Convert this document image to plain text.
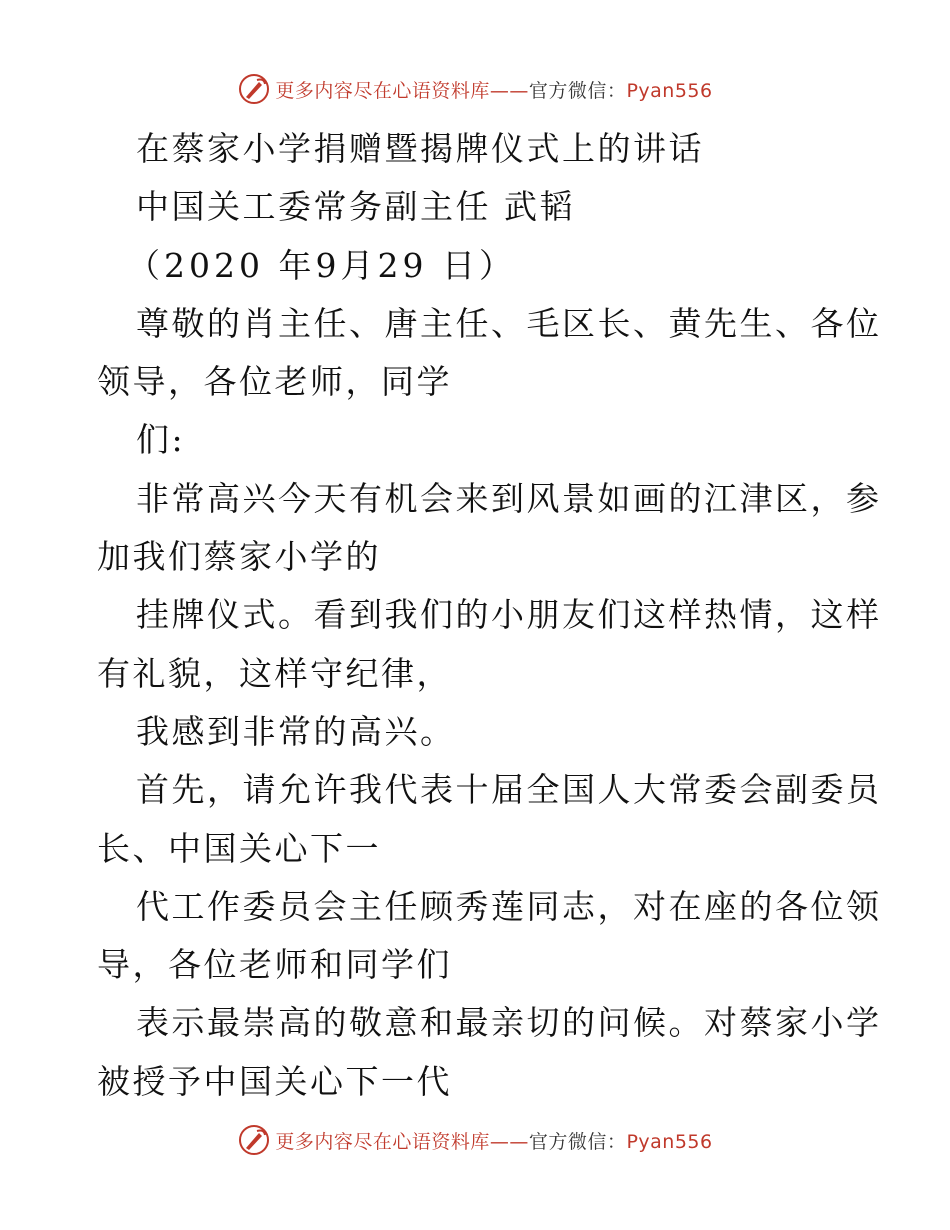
更多内容尽在心语资料库——官方微信：Pyan556
在蔡家小学捐赠暨揭牌仪式上的讲话
中国关工委常务副主任 武韬
（2020 年9月29 日）
尊敬的肖主任、唐主任、毛区长、黄先生、各位
领导，各位老师，同学
们:
非常高兴今天有机会来到风景如画的江津区，参
加我们蔡家小学的
挂牌仪式。看到我们的小朋友们这样热情，这样
有礼貌，这样守纪律，
我感到非常的高兴。
首先，请允许我代表十届全国人大常委会副委员
长、中国关心下一
代工作委员会主任顾秀莲同志，对在座的各位领
导，各位老师和同学们
表示最崇高的敬意和最亲切的问候。对蔡家小学
被授予中国关心下一代
更多内容尽在心语资料库——官方微信：Pyan556
